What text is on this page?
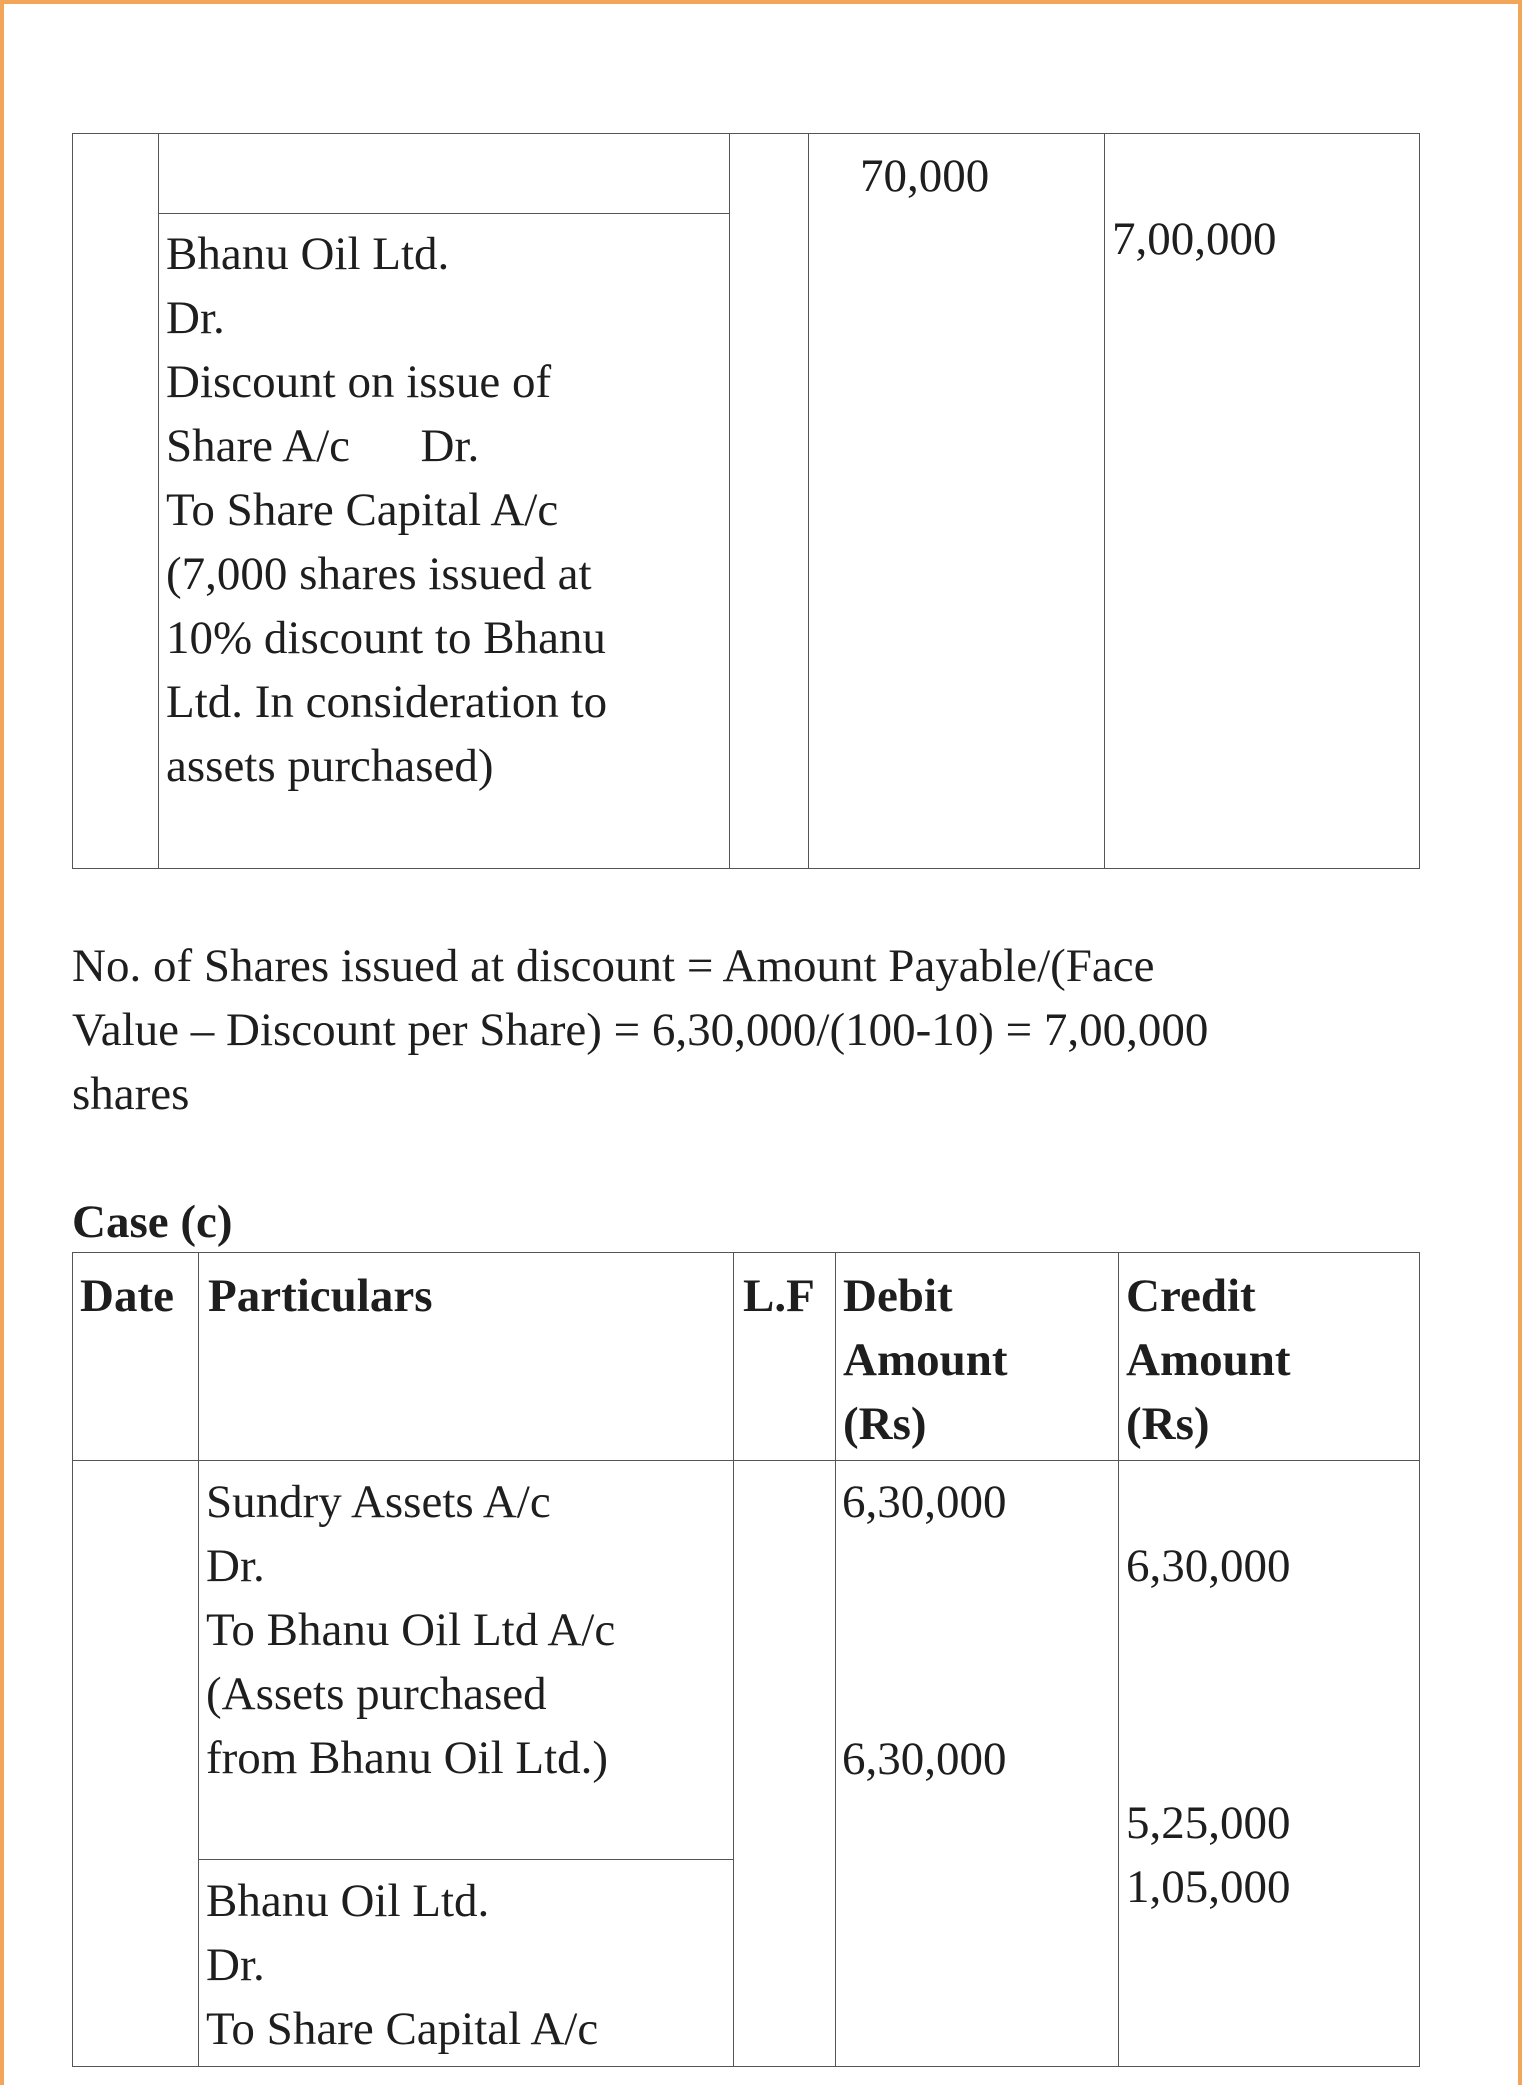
Bhanu Oil Ltd.
Dr.
Discount on issue of
Share A/c      Dr.
To Share Capital A/c
(7,000 shares issued at
10% discount to Bhanu
Ltd. In consideration to
assets purchased)
70,000
7,00,000
No. of Shares issued at discount = Amount Payable/(Face
Value – Discount per Share) = 6,30,000/(100-10) = 7,00,000
shares
Case (c)
Date Particulars	L.F Debit
Amount
(Rs)
Credit
Amount
(Rs)
Sundry Assets A/c
Dr.
To Bhanu Oil Ltd A/c
(Assets purchased
from Bhanu Oil Ltd.)
Bhanu Oil Ltd.
Dr.
To Share Capital A/c
6,30,000
6,30,000
6,30,000
5,25,000
1,05,000
